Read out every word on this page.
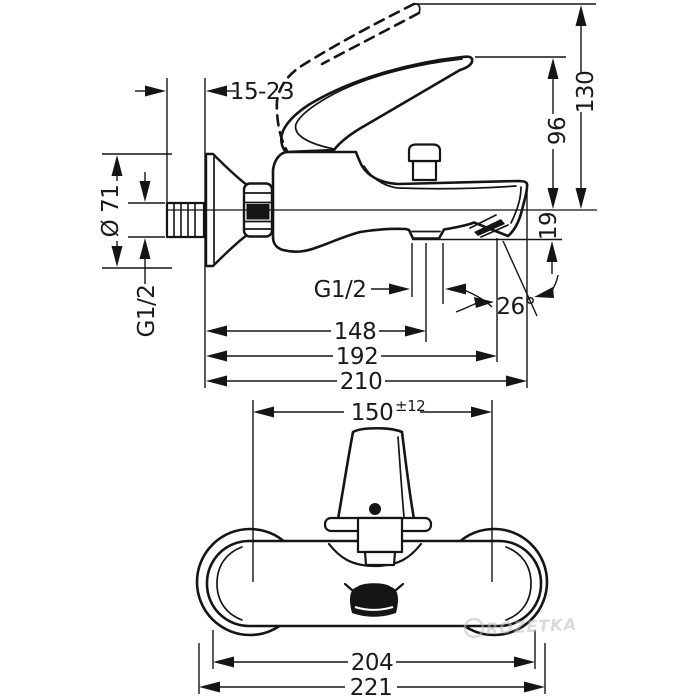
15-23
Ø 71
G1/2
130
96
19
G1/2
26°
148
192
210
150 ±12
204
221
ROZETKA
